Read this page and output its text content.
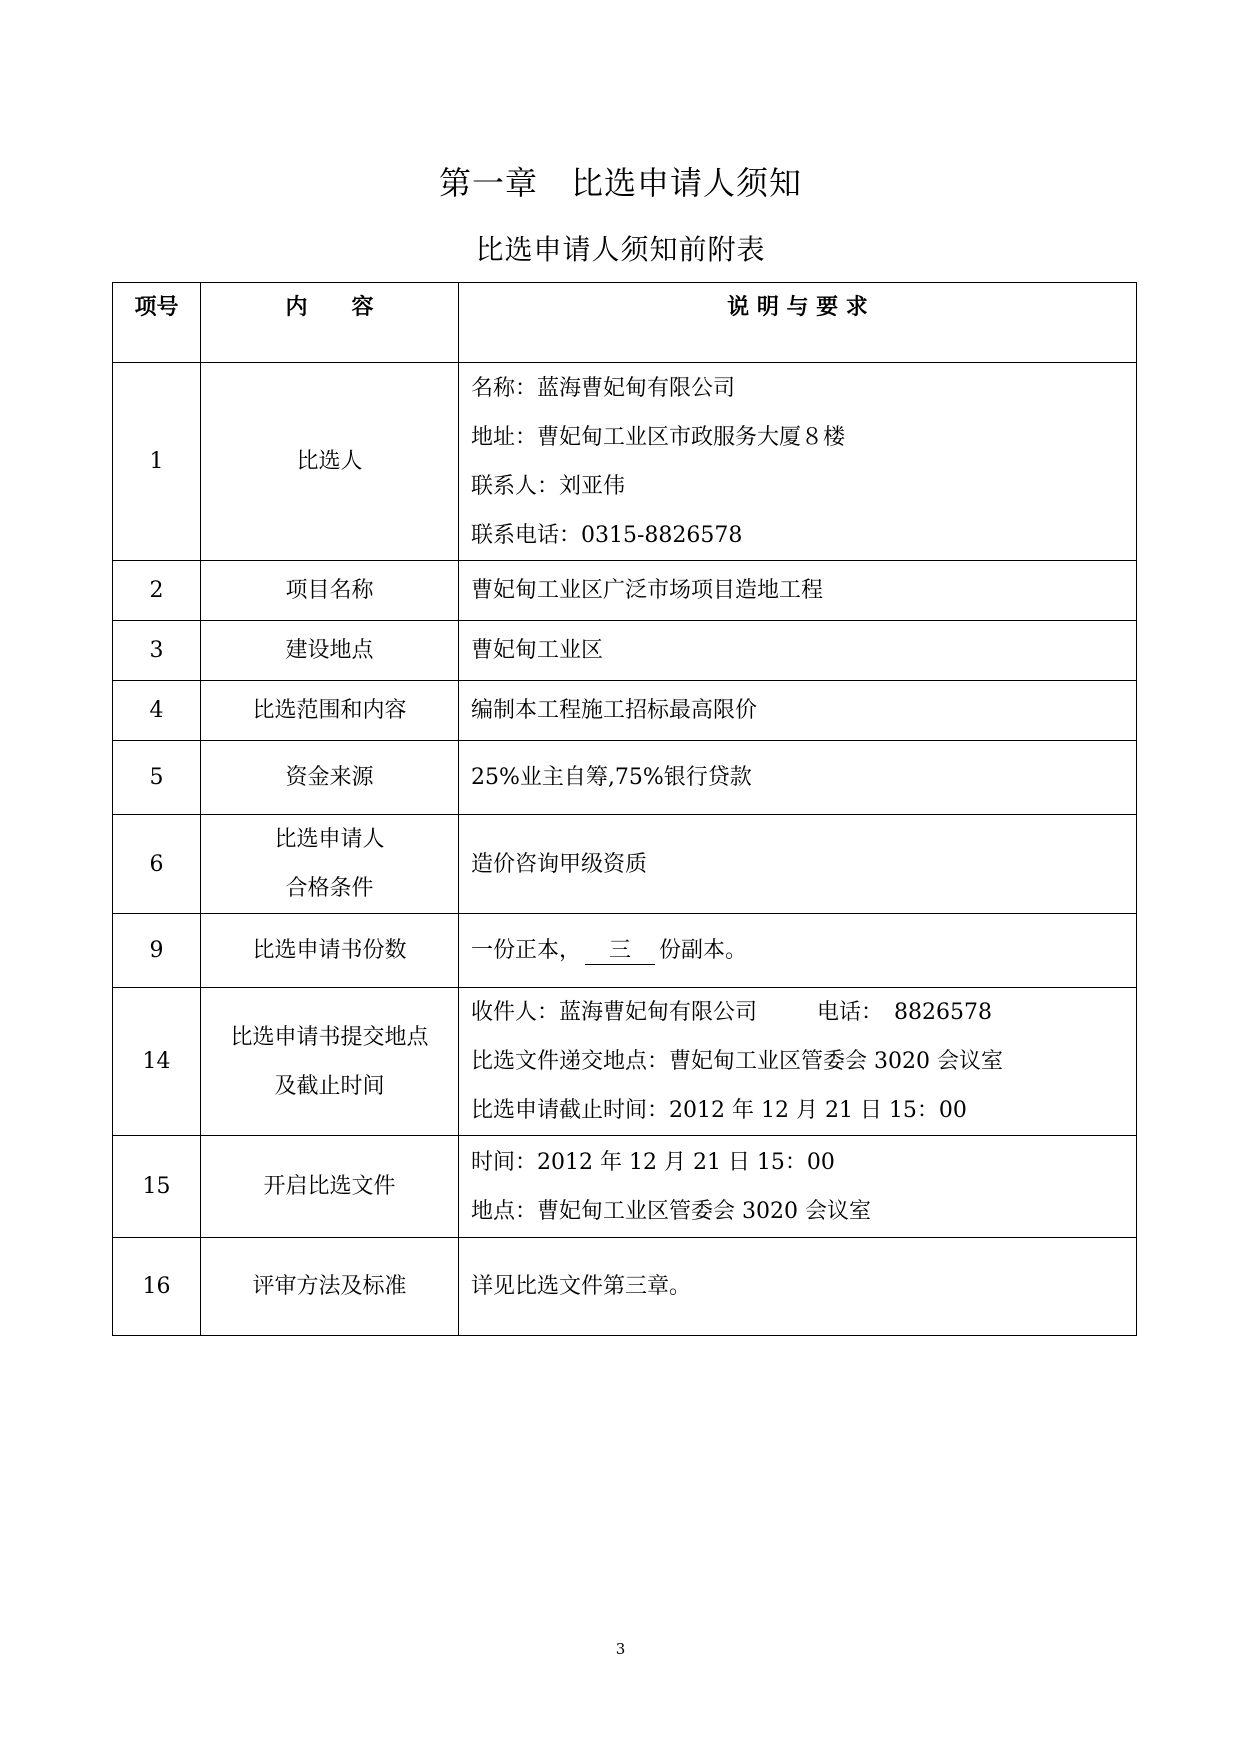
第一章　比选申请人须知
比选申请人须知前附表
项号	内　　容	说 明 与 要 求
1	比选人	名称：蓝海曹妃甸有限公司
地址：曹妃甸工业区市政服务大厦８楼
联系人：刘亚伟
联系电话：0315-8826578

2	项目名称	曹妃甸工业区广泛市场项目造地工程

3	建设地点	曹妃甸工业区

4	比选范围和内容	编制本工程施工招标最高限价

5	资金来源	25%业主自筹,75%银行贷款

6	比选申请人
合格条件	造价咨询甲级资质

9	比选申请书份数	一份正本， 三 份副本。
14	比选申请书提交地点
及截止时间	收件人：蓝海曹妃甸有限公司 电话：　8826578
比选文件递交地点：曹妃甸工业区管委会 3020 会议室
比选申请截止时间：2012 年 12 月 21 日 15：00

15	开启比选文件	时间：2012 年 12 月 21 日 15：00
地点：曹妃甸工业区管委会 3020 会议室

16	评审方法及标准	详见比选文件第三章。
3
